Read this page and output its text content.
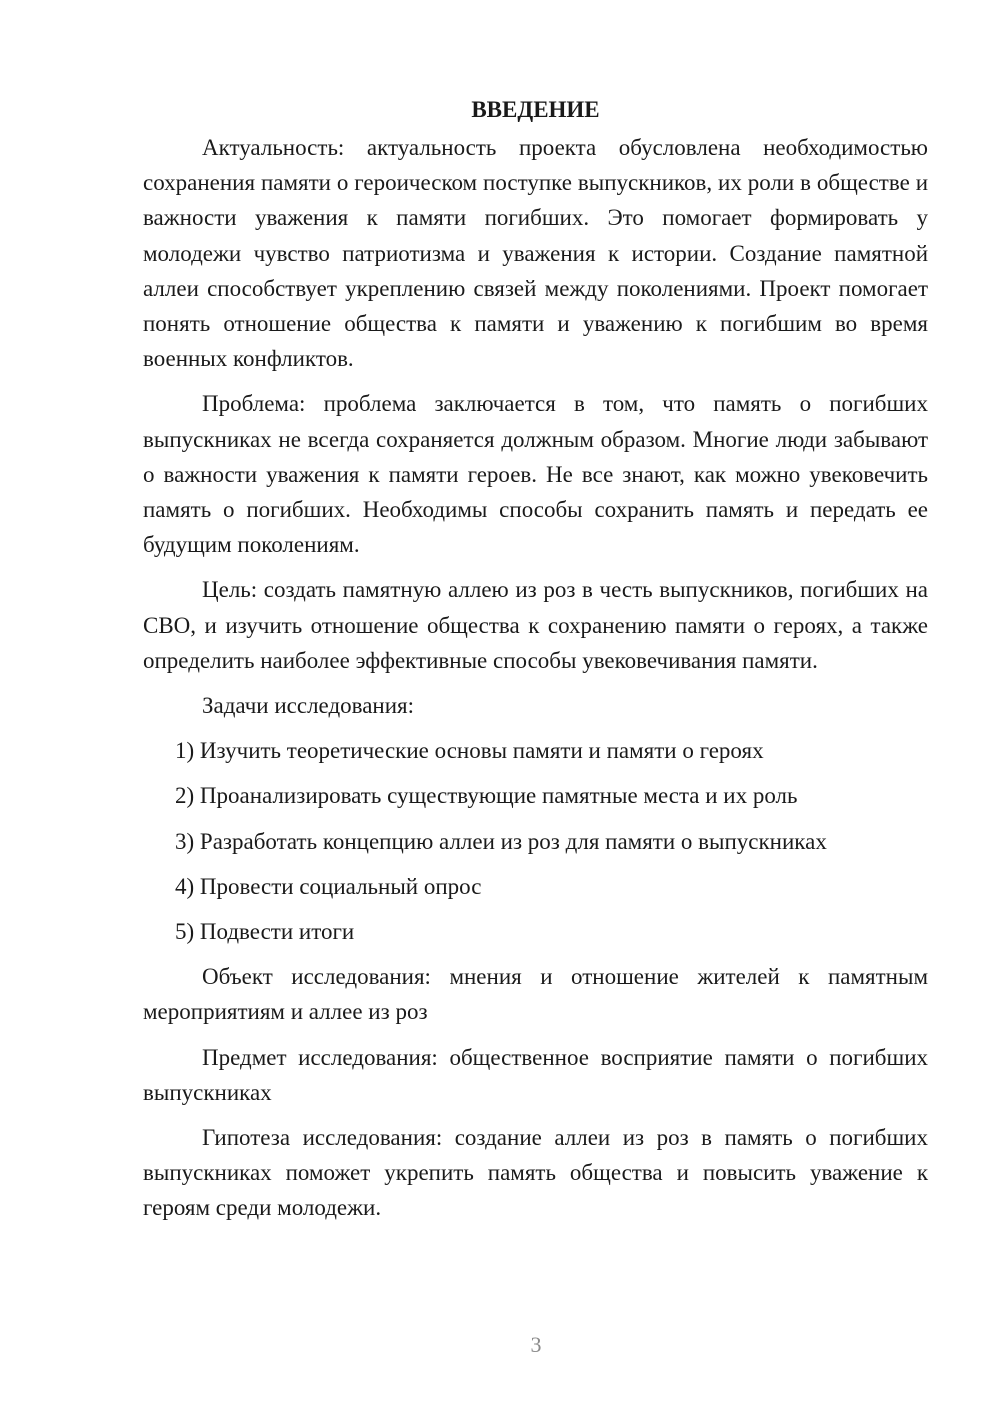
ВВЕДЕНИЕ

Актуальность: актуальность проекта обусловлена необходимостью сохранения памяти о героическом поступке выпускников, их роли в обществе и важности уважения к памяти погибших. Это помогает формировать у молодежи чувство патриотизма и уважения к истории. Создание памятной аллеи способствует укреплению связей между поколениями. Проект помогает понять отношение общества к памяти и уважению к погибшим во время военных конфликтов.

Проблема: проблема заключается в том, что память о погибших выпускниках не всегда сохраняется должным образом. Многие люди забывают о важности уважения к памяти героев. Не все знают, как можно увековечить память о погибших. Необходимы способы сохранить память и передать ее будущим поколениям.

Цель: создать памятную аллею из роз в честь выпускников, погибших на СВО, и изучить отношение общества к сохранению памяти о героях, а также определить наиболее эффективные способы увековечивания памяти.

Задачи исследования:

1) Изучить теоретические основы памяти и памяти о героях
2) Проанализировать существующие памятные места и их роль
3) Разработать концепцию аллеи из роз для памяти о выпускниках
4) Провести социальный опрос
5) Подвести итоги

Объект исследования: мнения и отношение жителей к памятным мероприятиям и аллее из роз

Предмет исследования: общественное восприятие памяти о погибших выпускниках

Гипотеза исследования: создание аллеи из роз в память о погибших выпускниках поможет укрепить память общества и повысить уважение к героям среди молодежи.

3
